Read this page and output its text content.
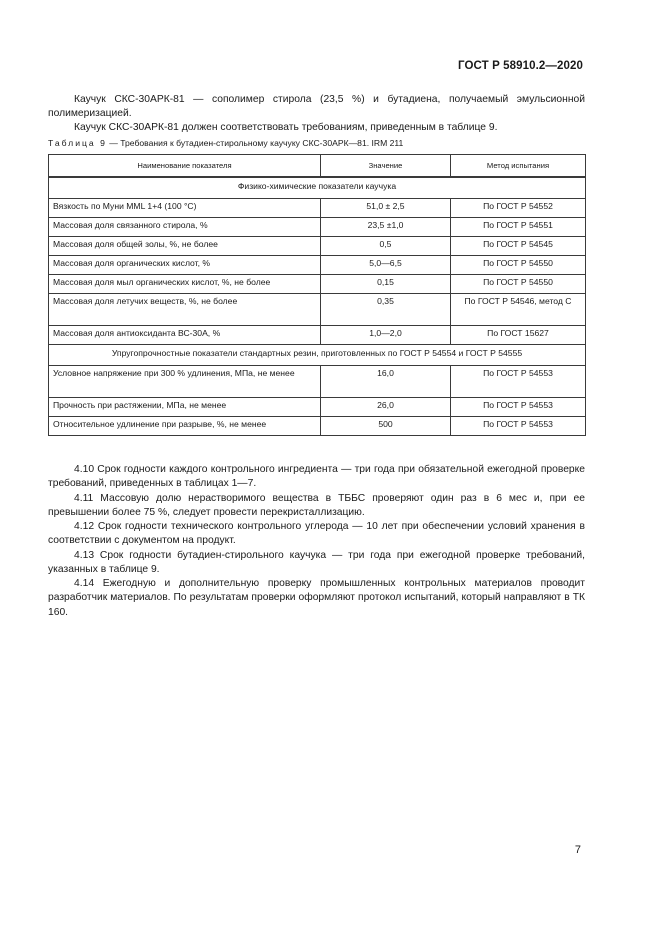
ГОСТ Р 58910.2—2020

Каучук СКС-30АРК-81 — сополимер стирола (23,5 %) и бутадиена, получаемый эмульсионной полимеризацией.

Каучук СКС-30АРК-81 должен соответствовать требованиям, приведенным в таблице 9.

Таблица 9 — Требования к бутадиен-стирольному каучуку СКС-30АРК—81. IRM 211
Наименование показателя	Значение	Метод испытания
Физико-химические показатели каучука		
Вязкость по Муни MML 1+4 (100 °С)	51,0 ± 2,5	По ГОСТ Р 54552
Массовая доля связанного стирола, %	23,5 ±1,0	По ГОСТ Р 54551
Массовая доля общей золы, %, не более	0,5	По ГОСТ Р 54545
Массовая доля органических кислот, %	5,0—6,5	По ГОСТ Р 54550
Массовая доля мыл органических кислот, %, не более	0,15	По ГОСТ Р 54550
Массовая доля летучих веществ, %, не более	0,35	По ГОСТ Р 54546, метод С
Массовая доля антиоксиданта ВС-30А, %	1,0—2,0	По ГОСТ 15627
Упругопрочностные показатели стандартных резин, приготовленных по ГОСТ Р 54554 и ГОСТ Р 54555		
Условное напряжение при 300 % удлинения, МПа, не менее	16,0	По ГОСТ Р 54553
Прочность при растяжении, МПа, не менее	26,0	По ГОСТ Р 54553
Относительное удлинение при разрыве, %, не менее	500	По ГОСТ Р 54553

4.10 Срок годности каждого контрольного ингредиента — три года при обязательной ежегодной проверке требований, приведенных в таблицах 1—7.

4.11 Массовую долю нерастворимого вещества в ТББС проверяют один раз в 6 мес и, при ее превышении более 75 %, следует провести перекристаллизацию.

4.12 Срок годности технического контрольного углерода — 10 лет при обеспечении условий хранения в соответствии с документом на продукт.

4.13 Срок годности бутадиен-стирольного каучука — три года при ежегодной проверке требований, указанных в таблице 9.

4.14 Ежегодную и дополнительную проверку промышленных контрольных материалов проводит разработчик материалов. По результатам проверки оформляют протокол испытаний, который направляют в ТК 160.

7
